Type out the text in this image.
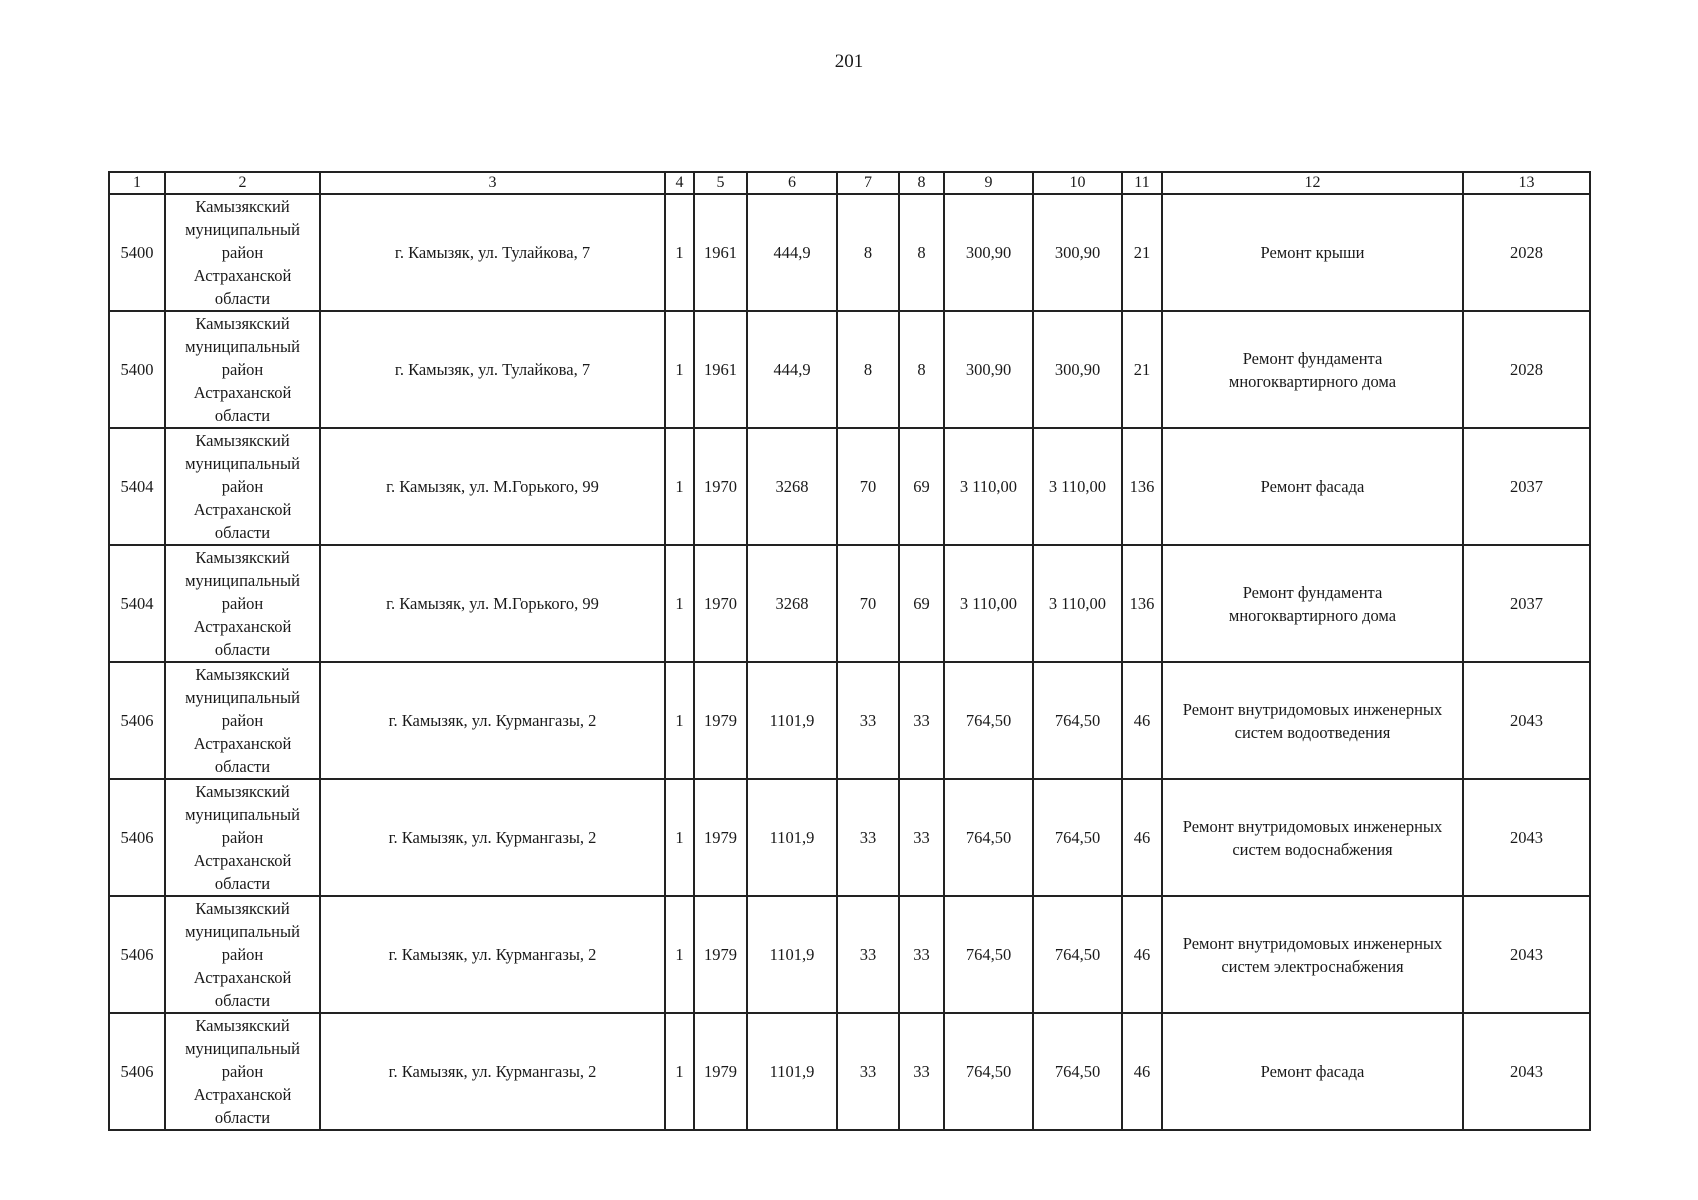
201
1	2	3	4	5	6	7	8	9	10	11	12	13
5400	Камызякский
муниципальный
район
Астраханской
области	г. Камызяк, ул. Тулайкова, 7	1	1961	444,9	8	8	300,90	300,90	21	Ремонт крыши	2028
5400	Камызякский
муниципальный
район
Астраханской
области	г. Камызяк, ул. Тулайкова, 7	1	1961	444,9	8	8	300,90	300,90	21	Ремонт фундамента
многоквартирного дома	2028
5404	Камызякский
муниципальный
район
Астраханской
области	г. Камызяк, ул. М.Горького, 99	1	1970	3268	70	69	3 110,00	3 110,00	136	Ремонт фасада	2037
5404	Камызякский
муниципальный
район
Астраханской
области	г. Камызяк, ул. М.Горького, 99	1	1970	3268	70	69	3 110,00	3 110,00	136	Ремонт фундамента
многоквартирного дома	2037
5406	Камызякский
муниципальный
район
Астраханской
области	г. Камызяк, ул. Курмангазы, 2	1	1979	1101,9	33	33	764,50	764,50	46	Ремонт внутридомовых инженерных
систем водоотведения	2043
5406	Камызякский
муниципальный
район
Астраханской
области	г. Камызяк, ул. Курмангазы, 2	1	1979	1101,9	33	33	764,50	764,50	46	Ремонт внутридомовых инженерных
систем водоснабжения	2043
5406	Камызякский
муниципальный
район
Астраханской
области	г. Камызяк, ул. Курмангазы, 2	1	1979	1101,9	33	33	764,50	764,50	46	Ремонт внутридомовых инженерных
систем электроснабжения	2043
5406	Камызякский
муниципальный
район
Астраханской
области	г. Камызяк, ул. Курмангазы, 2	1	1979	1101,9	33	33	764,50	764,50	46	Ремонт фасада	2043
